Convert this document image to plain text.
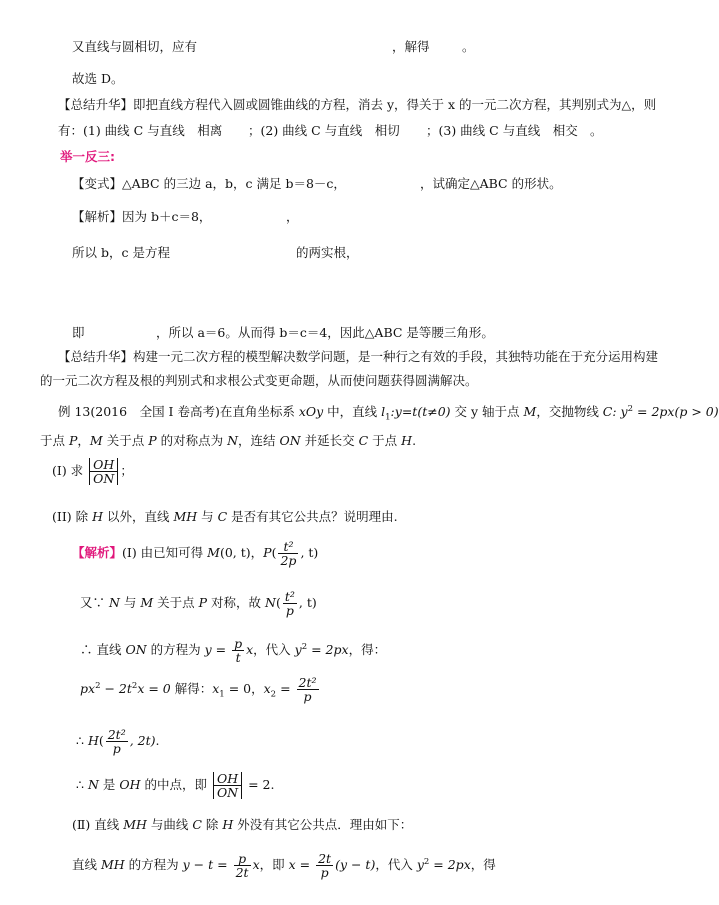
又直线与圆相切，应有	，解得	。
故选 D。
【总结升华】即把直线方程代入圆或圆锥曲线的方程，消去 y，得关于 x 的一元二次方程，其判别式为△，则
有：(1) 曲线 C 与直线　相离 ；(2) 曲线 C 与直线　相切 ；(3) 曲线 C 与直线　相交 。
举一反三:
【变式】△ABC 的三边 a，b，c 满足 b＝8－c，	，试确定△ABC 的形状。
【解析】因为 b＋c＝8，	，
所以 b，c 是方程	的两实根，
即	，所以 a＝6。从而得 b＝c＝4，因此△ABC 是等腰三角形。
【总结升华】构建一元二次方程的模型解决数学问题，是一种行之有效的手段，其独特功能在于充分运用构建
的一元二次方程及根的判别式和求根公式变更命题，从而使问题获得圆满解决。
例 13(2016　全国 I 卷高考)在直角坐标系 xOy 中，直线 $l_1:y=t(t\ne 0)$ 交 y 轴于点 M，交抛物线 C: $y^2 = 2px(p > 0)$
于点 P，M 关于点 P 的对称点为 N，连结 ON 并延长交 C 于点 H.
(I) 求 $\frac{OH}{ON}$ ；
(II) 除 H 以外，直线 MH 与 C 是否有其它公共点？说明理由.
【解析】(Ⅰ) 由已知可得 M(0, t)，$P( \frac{\text{t²}}{2p}$ , t)
又∵ N 与 M 关于点 P 对称，故 $N( \frac{\text{t²}}{p}$ , t)
∴ 直线 ON 的方程为 $y = \frac{p}{t}$ x，代入 $y^2 = 2px$，得：
$px^2 - 2t^2x = 0$ 解得：$x_1 = 0$，$x_2 = \frac{\text{2t²}}{p}$
∴ $H( \frac{\text{2t²}}{p}$ , 2t).
∴ N 是 OH 的中点，即 $\frac{OH}{ON} = 2$.
(Ⅱ) 直线 MH 与曲线 C 除 H 外没有其它公共点．理由如下：
直线 MH 的方程为 $y - t = \frac{p}{2t}$ x，即 $x = \frac{2t}{p} (y - t)$，代入 $y^2 = 2px$，得
